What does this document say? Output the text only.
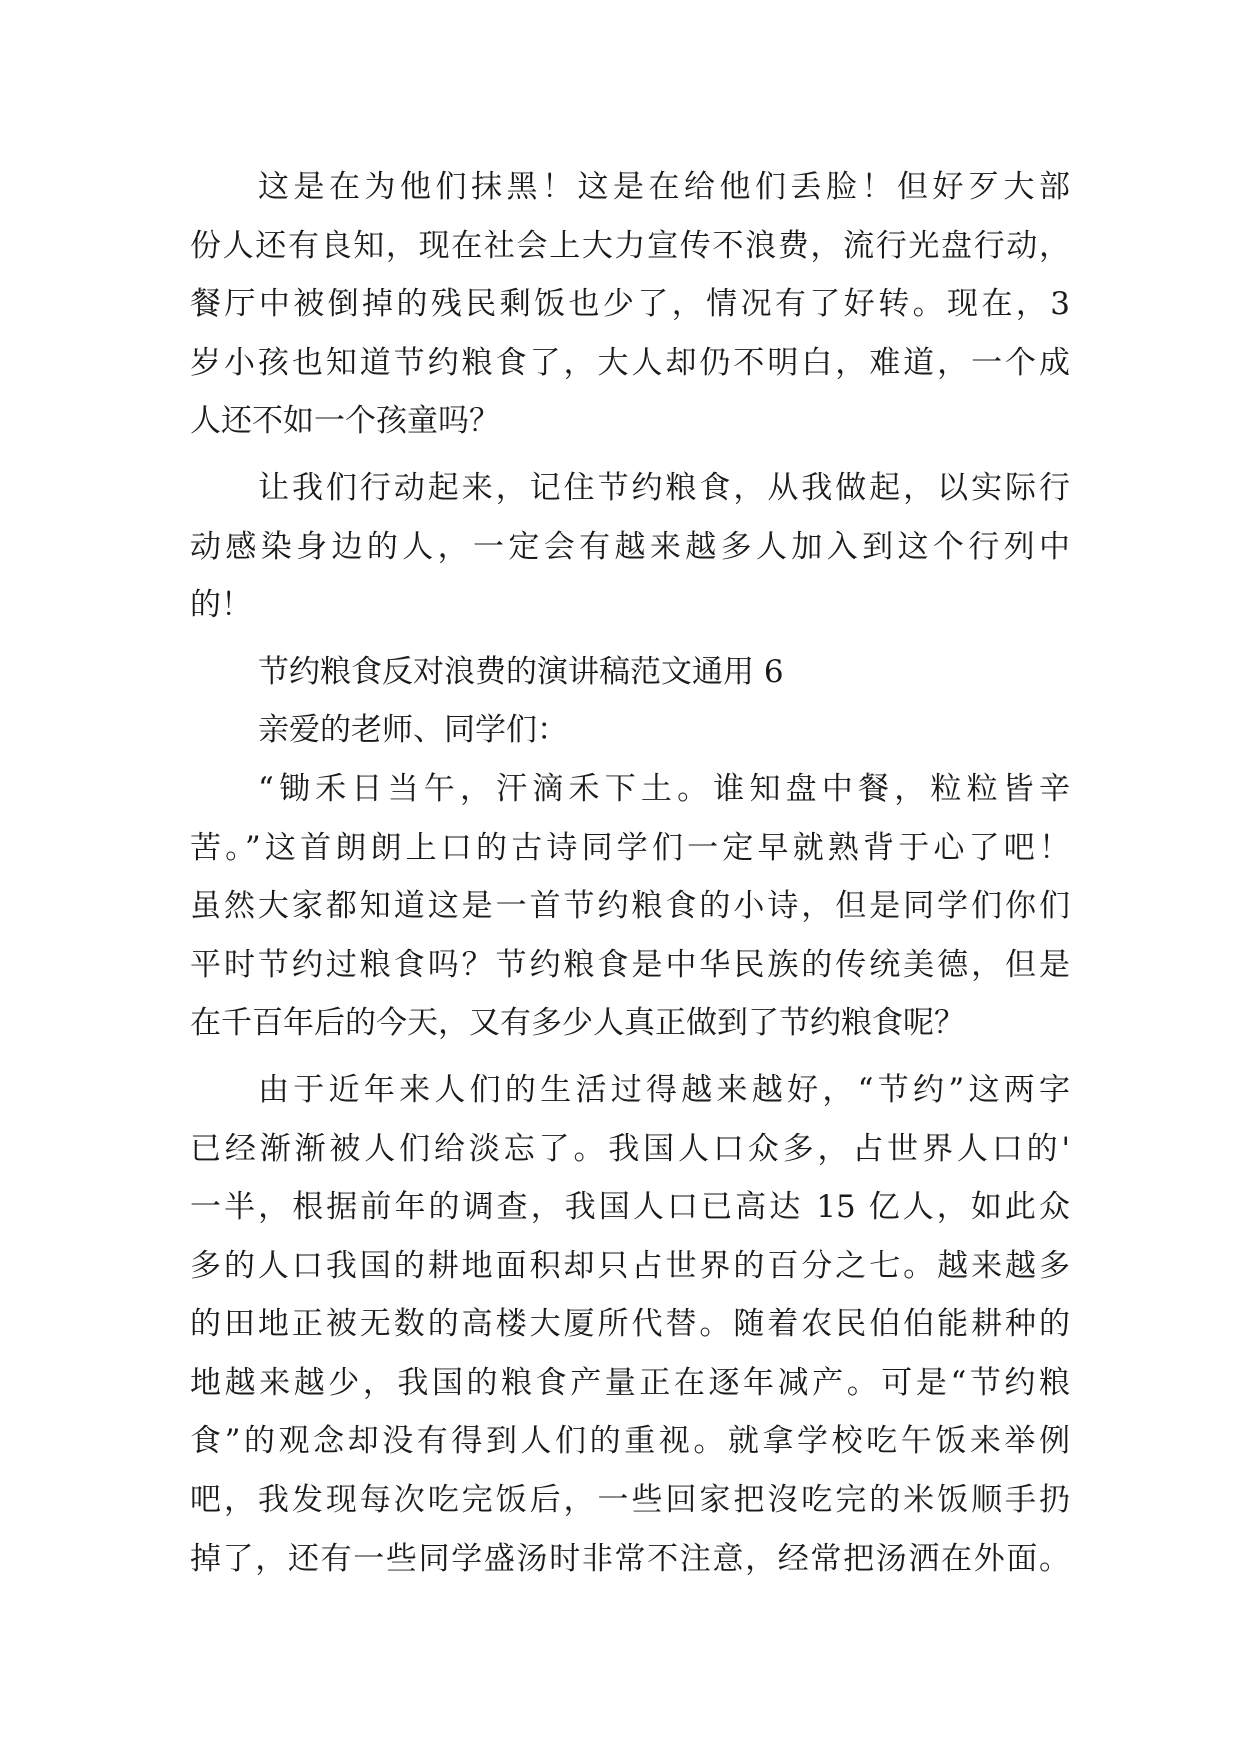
这是在为他们抹黑！这是在给他们丢脸！但好歹大部
份人还有良知，现在社会上大力宣传不浪费，流行光盘行动，
餐厅中被倒掉的残民剩饭也少了，情况有了好转。现在，3
岁小孩也知道节约粮食了，大人却仍不明白，难道，一个成
人还不如一个孩童吗？
让我们行动起来，记住节约粮食，从我做起，以实际行
动感染身边的人，一定会有越来越多人加入到这个行列中
的！
节约粮食反对浪费的演讲稿范文通用 6
亲爱的老师、同学们：
“锄禾日当午，汗滴禾下土。谁知盘中餐，粒粒皆辛
苦。”这首朗朗上口的古诗同学们一定早就熟背于心了吧！
虽然大家都知道这是一首节约粮食的小诗，但是同学们你们
平时节约过粮食吗？节约粮食是中华民族的传统美德，但是
在千百年后的今天，又有多少人真正做到了节约粮食呢？
由于近年来人们的生活过得越来越好，“节约”这两字
已经渐渐被人们给淡忘了。我国人口众多，占世界人口的'
一半，根据前年的调查，我国人口已高达 15 亿人，如此众
多的人口我国的耕地面积却只占世界的百分之七。越来越多
的田地正被无数的高楼大厦所代替。随着农民伯伯能耕种的
地越来越少，我国的粮食产量正在逐年减产。可是“节约粮
食”的观念却没有得到人们的重视。就拿学校吃午饭来举例
吧，我发现每次吃完饭后，一些回家把沒吃完的米饭顺手扔
掉了，还有一些同学盛汤时非常不注意，经常把汤洒在外面。
